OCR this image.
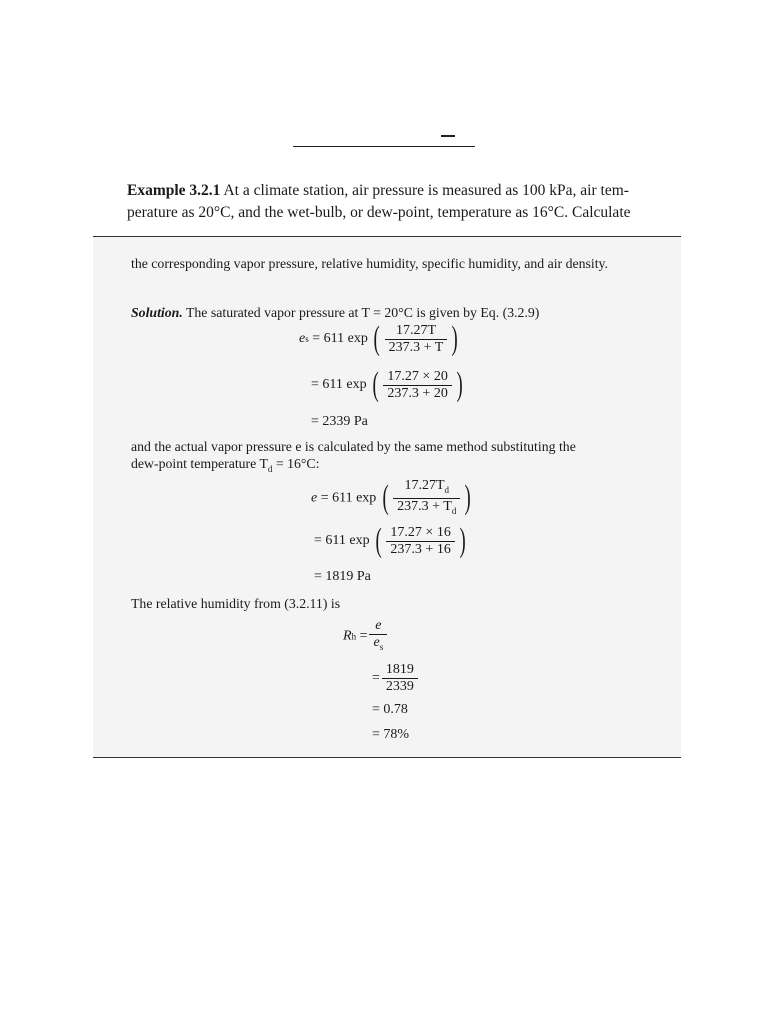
Example 3.2.1 At a climate station, air pressure is measured as 100 kPa, air tem-
perature as 20°C, and the wet-bulb, or dew-point, temperature as 16°C. Calculate
the corresponding vapor pressure, relative humidity, specific humidity, and air density.
Solution. The saturated vapor pressure at T = 20°C is given by Eq. (3.2.9)
es = 611 exp ( $\frac{17.27T}{237.3 + T}$ )
= 611 exp ( $\frac{17.27 \times 20}{237.3 + 20}$ )
= 2339 Pa
and the actual vapor pressure e is calculated by the same method substituting the
dew-point temperature $T_d = 16^\circ C$:
e = 611 exp ( $\frac{17.27T_d}{237.3 + T_d}$ )
= 611 exp ( $\frac{17.27 \times 16}{237.3 + 16}$ )
= 1819 Pa
The relative humidity from (3.2.11) is
$Rh = \frac{e}{e_s}$
= $\frac{1819}{2339}$
= 0.78
= 78%
